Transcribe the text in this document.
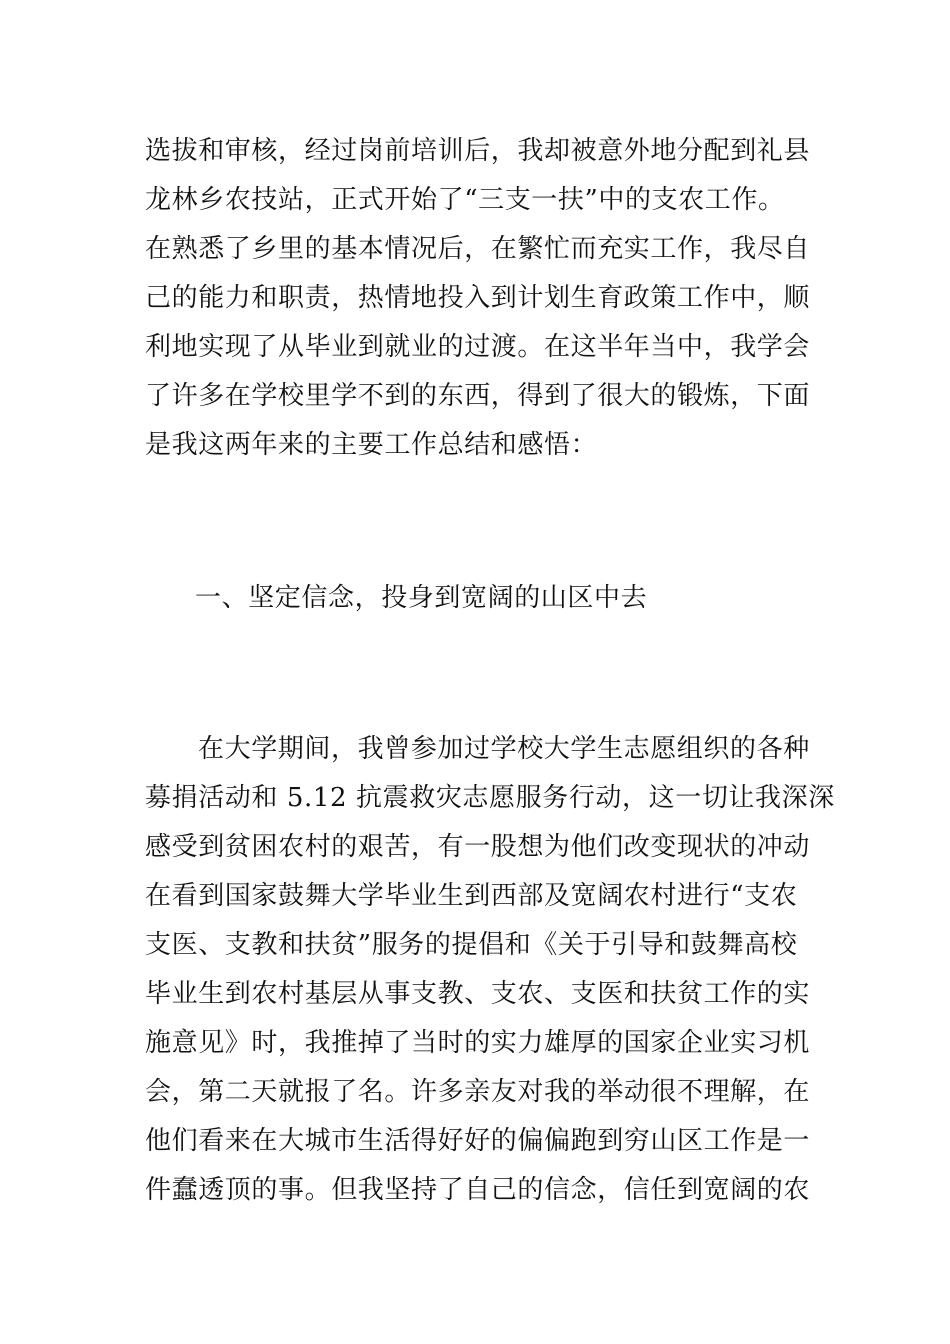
选拔和审核，经过岗前培训后，我却被意外地分配到礼县
龙林乡农技站，正式开始了“三支一扶”中的支农工作。
在熟悉了乡里的基本情况后，在繁忙而充实工作，我尽自
己的能力和职责，热情地投入到计划生育政策工作中，顺
利地实现了从毕业到就业的过渡。在这半年当中，我学会
了许多在学校里学不到的东西，得到了很大的锻炼，下面
是我这两年来的主要工作总结和感悟：
一、坚定信念，投身到宽阔的山区中去
在大学期间，我曾参加过学校大学生志愿组织的各种
募捐活动和 5.12 抗震救灾志愿服务行动，这一切让我深深
感受到贫困农村的艰苦，有一股想为他们改变现状的冲动
在看到国家鼓舞大学毕业生到西部及宽阔农村进行“支农
支医、支教和扶贫”服务的提倡和《关于引导和鼓舞高校
毕业生到农村基层从事支教、支农、支医和扶贫工作的实
施意见》时，我推掉了当时的实力雄厚的国家企业实习机
会，第二天就报了名。许多亲友对我的举动很不理解，在
他们看来在大城市生活得好好的偏偏跑到穷山区工作是一
件蠢透顶的事。但我坚持了自己的信念，信任到宽阔的农
